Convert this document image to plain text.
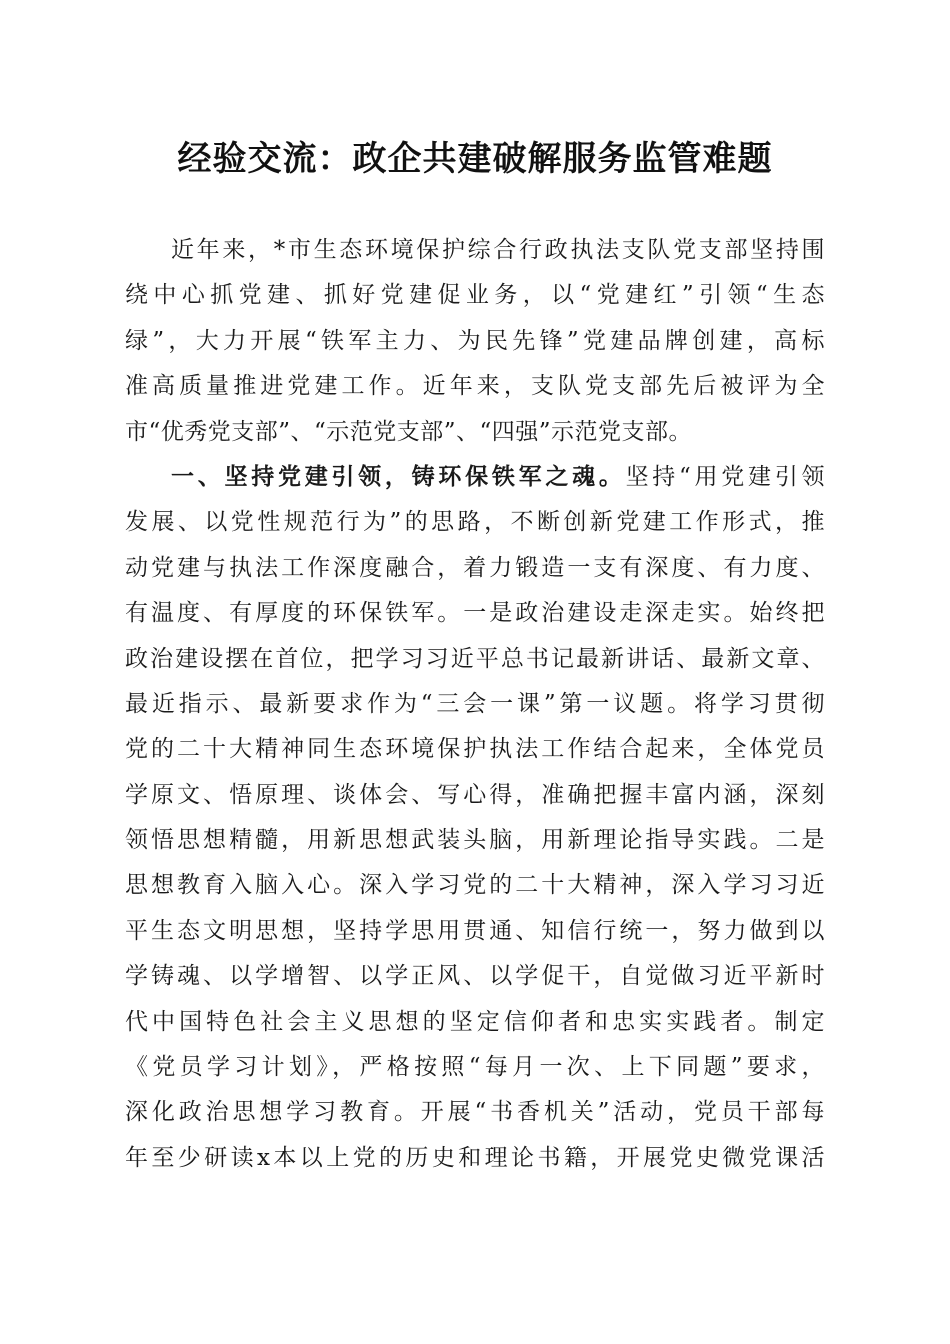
经验交流：政企共建破解服务监管难题
近年来，*市生态环境保护综合行政执法支队党支部坚持围
绕中心抓党建、抓好党建促业务，以“党建红”引领“生态
绿”，大力开展“铁军主力、为民先锋”党建品牌创建，高标
准高质量推进党建工作。近年来，支队党支部先后被评为全
市“优秀党支部”、“示范党支部”、“四强”示范党支部。
一、坚持党建引领，铸环保铁军之魂。坚持“用党建引领
发展、以党性规范行为”的思路，不断创新党建工作形式，推
动党建与执法工作深度融合，着力锻造一支有深度、有力度、
有温度、有厚度的环保铁军。一是政治建设走深走实。始终把
政治建设摆在首位，把学习习近平总书记最新讲话、最新文章、
最近指示、最新要求作为“三会一课”第一议题。将学习贯彻
党的二十大精神同生态环境保护执法工作结合起来，全体党员
学原文、悟原理、谈体会、写心得，准确把握丰富内涵，深刻
领悟思想精髓，用新思想武装头脑，用新理论指导实践。二是
思想教育入脑入心。深入学习党的二十大精神，深入学习习近
平生态文明思想，坚持学思用贯通、知信行统一，努力做到以
学铸魂、以学增智、以学正风、以学促干，自觉做习近平新时
代中国特色社会主义思想的坚定信仰者和忠实实践者。制定
《党员学习计划》，严格按照“每月一次、上下同题”要求，
深化政治思想学习教育。开展“书香机关”活动，党员干部每
年至少研读x本以上党的历史和理论书籍，开展党史微党课活
